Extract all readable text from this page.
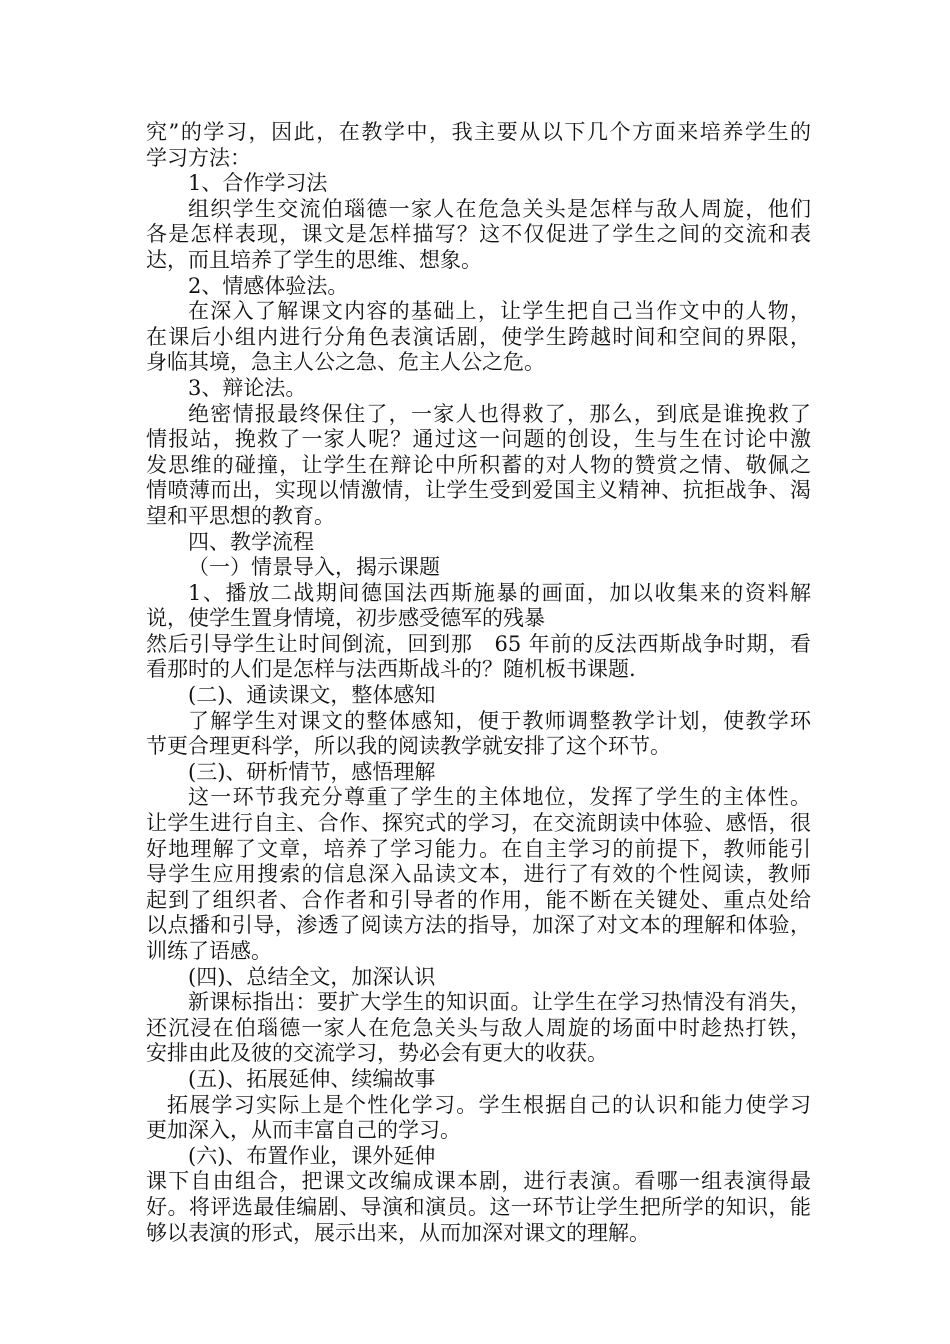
究”的学习，因此，在教学中，我主要从以下几个方面来培养学生的
学习方法：
1、合作学习法
组织学生交流伯瑙德一家人在危急关头是怎样与敌人周旋，他们
各是怎样表现，课文是怎样描写？这不仅促进了学生之间的交流和表
达，而且培养了学生的思维、想象。
2、情感体验法。
在深入了解课文内容的基础上，让学生把自己当作文中的人物，
在课后小组内进行分角色表演话剧，使学生跨越时间和空间的界限，
身临其境，急主人公之急、危主人公之危。
3、辩论法。
绝密情报最终保住了，一家人也得救了，那么，到底是谁挽救了
情报站，挽救了一家人呢？通过这一问题的创设，生与生在讨论中激
发思维的碰撞，让学生在辩论中所积蓄的对人物的赞赏之情、敬佩之
情喷薄而出，实现以情激情，让学生受到爱国主义精神、抗拒战争、渴
望和平思想的教育。
四、教学流程
（一）情景导入，揭示课题
1、播放二战期间德国法西斯施暴的画面，加以收集来的资料解
说，使学生置身情境，初步感受德军的残暴
然后引导学生让时间倒流，回到那　65 年前的反法西斯战争时期，看
看那时的人们是怎样与法西斯战斗的？随机板书课题.
(二)、通读课文，整体感知
了解学生对课文的整体感知，便于教师调整教学计划，使教学环
节更合理更科学，所以我的阅读教学就安排了这个环节。
(三)、研析情节，感悟理解
这一环节我充分尊重了学生的主体地位，发挥了学生的主体性。
让学生进行自主、合作、探究式的学习，在交流朗读中体验、感悟，很
好地理解了文章，培养了学习能力。在自主学习的前提下，教师能引
导学生应用搜索的信息深入品读文本，进行了有效的个性阅读，教师
起到了组织者、合作者和引导者的作用，能不断在关键处、重点处给
以点播和引导，渗透了阅读方法的指导，加深了对文本的理解和体验，
训练了语感。
(四)、总结全文，加深认识
新课标指出：要扩大学生的知识面。让学生在学习热情没有消失，
还沉浸在伯瑙德一家人在危急关头与敌人周旋的场面中时趁热打铁，
安排由此及彼的交流学习，势必会有更大的收获。
(五)、拓展延伸、续编故事
拓展学习实际上是个性化学习。学生根据自己的认识和能力使学习
更加深入，从而丰富自己的学习。
(六)、布置作业，课外延伸
课下自由组合，把课文改编成课本剧，进行表演。看哪一组表演得最
好。将评选最佳编剧、导演和演员。这一环节让学生把所学的知识，能
够以表演的形式，展示出来，从而加深对课文的理解。
